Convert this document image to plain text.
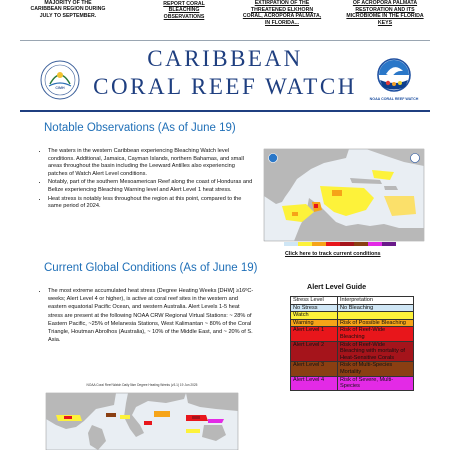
MAJORITY OF THE
CARIBBEAN REGION DURING
JULY TO SEPTEMBER.
REPORT CORAL
BLEACHING
OBSERVATIONS
EXTIRPATION OF THE
THREATENED ELKHORN
CORAL, ACROPORA PALMATA,
IN FLORIDA...
OF ACROPORA PALMATA
RESTORATION AND ITS
MICROBIOME IN THE FLORIDA
KEYS
CIMH
CARIBBEAN
CORAL REEF WATCH	NOAA CORAL REEF WATCH
Notable Observations (As of June 19)
• The waters in the western Caribbean experiencing Bleaching Watch level conditions. Additional, Jamaica, Cayman Islands, northern Bahamas, and small areas throughout the basin including the Leeward Antilles also experiencing patches of Watch Alert Level conditions.
• Notably, part of the southern Mesoamerican Reef along the coast of Honduras and Belize experiencing Bleaching Warning level and Alert Level 1 heat stress.
• Heat stress is notably less throughout the region at this point, compared to the same period of 2024.
NOAA Coral Reef Watch Daily 5km Bleaching Alert Area 7-day Maximum (v3.1) 19 Jun 2025
Click here to track current conditions
Current Global Conditions (As of June 19)
• The most extreme accumulated heat stress (Degree Heating Weeks [DHW] ≥16ºC-weeks; Alert Level 4 or higher), is active at coral reef sites in the western and eastern equatorial Pacific Ocean, and western Australia. Alert Levels 1-5 heat stress are present at the following NOAA CRW Regional Virtual Stations: ~ 28% of Eastern Pacific, ~25% of Melanesia Stations, West Kalimantan ~ 80% of the Coral Triangle, Houtman Abrolhos (Australia), ~ 10% of the Middle East, and ~ 20% of S. Asia.
NOAA Coral Reef Watch Daily 5km Degree Heating Weeks (v3.1) 19 Jun 2025
Alert Level Guide
Stress Level	Interpretation
No Stress	No Bleaching
Watch	
Warning	Risk of Possible Bleaching
Alert Level 1	Risk of Reef-Wide Bleaching
Alert Level 2	Risk of Reef-Wide Bleaching with mortality of Heat-Sensitive Corals
Alert Level 3	Risk of Multi-Species Mortality
Alert Level 4	Risk of Severe, Multi-Species
